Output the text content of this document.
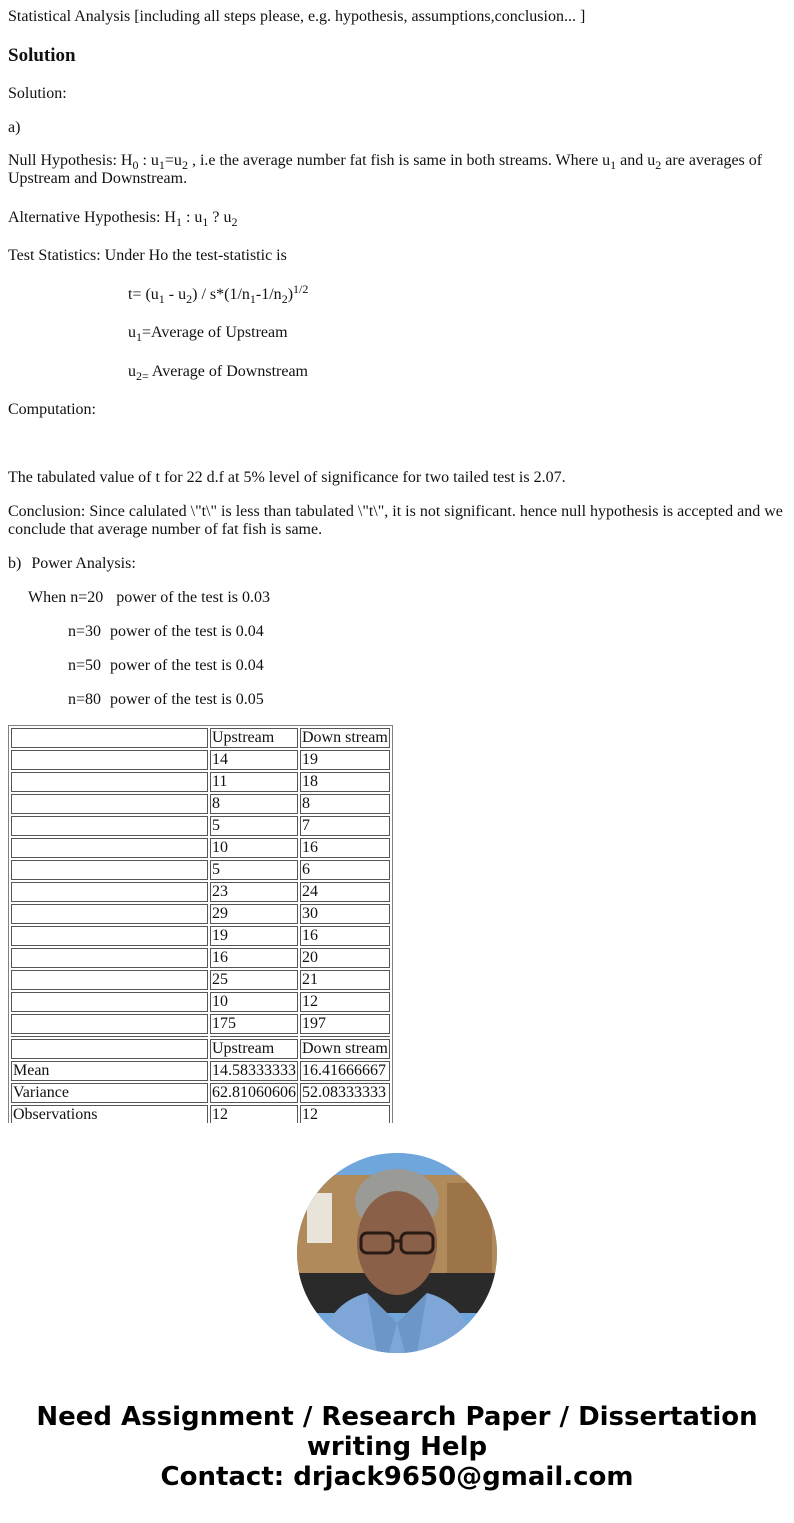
Statistical Analysis [including all steps please, e.g. hypothesis, assumptions,conclusion... ]

Solution

Solution:

a)

Null Hypothesis: $H_0$ : $u_1=u_2$ , i.e the average number fat fish is same in both streams. Where $u_1$ and $u_2$ are averages of Upstream and Downstream.

Alternative Hypothesis: $H_1$ : $u_1$ ? $u_2$

Test Statistics: Under Ho the test-statistic is

$t= (u_1 - u_2) / s*(1/n_1-1/n_2)^{1/2}$

$u_1=Average$ of Upstream

$u_{2=}$ Average of Downstream

Computation:

The tabulated value of t for 22 d.f at 5% level of significance for two tailed test is 2.07.

Conclusion: Since calulated \"t\" is less than tabulated \"t\", it is not significant. hence null hypothesis is accepted and we conclude that average number of fat fish is same.

b) Power Analysis:

When n=20 power of the test is 0.03

n=30 power of the test is 0.04

n=50 power of the test is 0.04

n=80 power of the test is 0.05

	Upstream	Down stream
	14	19
	11	18
	8	8
	5	7
	10	16
	5	6
	23	24
	29	30
	19	16
	16	20
	25	21
	10	12
	175	197

	Upstream	Down stream
Mean	14.58333333	16.41666667
Variance	62.81060606	52.08333333
Observations	12	12
Need Assignment / Research Paper / Dissertation
writing Help
Contact: drjack9650@gmail.com
